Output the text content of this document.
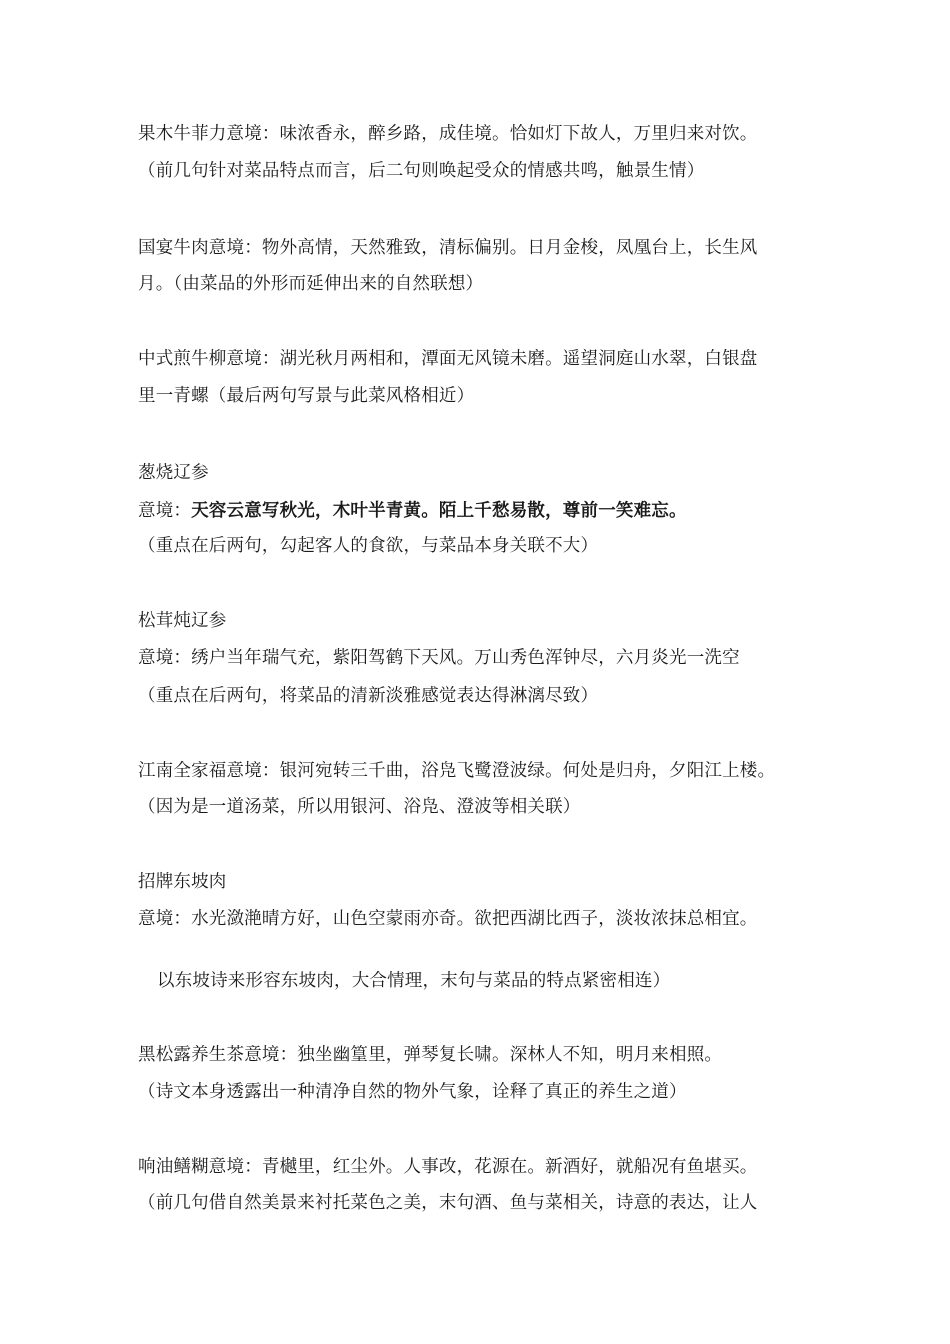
果木牛菲力意境：味浓香永，醉乡路，成佳境。恰如灯下故人，万里归来对饮。
（前几句针对菜品特点而言，后二句则唤起受众的情感共鸣，触景生情）
国宴牛肉意境：物外高情，天然雅致，清标偏别。日月金梭，凤凰台上，长生风
月。（由菜品的外形而延伸出来的自然联想）
中式煎牛柳意境：湖光秋月两相和，潭面无风镜未磨。遥望洞庭山水翠，白银盘
里一青螺（最后两句写景与此菜风格相近）
葱烧辽参
意境：天容云意写秋光，木叶半青黄。陌上千愁易散，尊前一笑难忘。
（重点在后两句，勾起客人的食欲，与菜品本身关联不大）
松茸炖辽参
意境：绣户当年瑞气充，紫阳驾鹤下天风。万山秀色浑钟尽，六月炎光一洗空
（重点在后两句，将菜品的清新淡雅感觉表达得淋漓尽致）
江南全家福意境：银河宛转三千曲，浴凫飞鹭澄波绿。何处是归舟，夕阳江上楼。
（因为是一道汤菜，所以用银河、浴凫、澄波等相关联）
招牌东坡肉
意境：水光潋滟晴方好，山色空蒙雨亦奇。欲把西湖比西子，淡妆浓抹总相宜。
以东坡诗来形容东坡肉，大合情理，末句与菜品的特点紧密相连）
黑松露养生茶意境：独坐幽篁里，弹琴复长啸。深林人不知，明月来相照。
（诗文本身透露出一种清净自然的物外气象，诠释了真正的养生之道）
响油鳝糊意境：青樾里，红尘外。人事改，花源在。新酒好，就船况有鱼堪买。
（前几句借自然美景来衬托菜色之美，末句酒、鱼与菜相关，诗意的表达，让人
